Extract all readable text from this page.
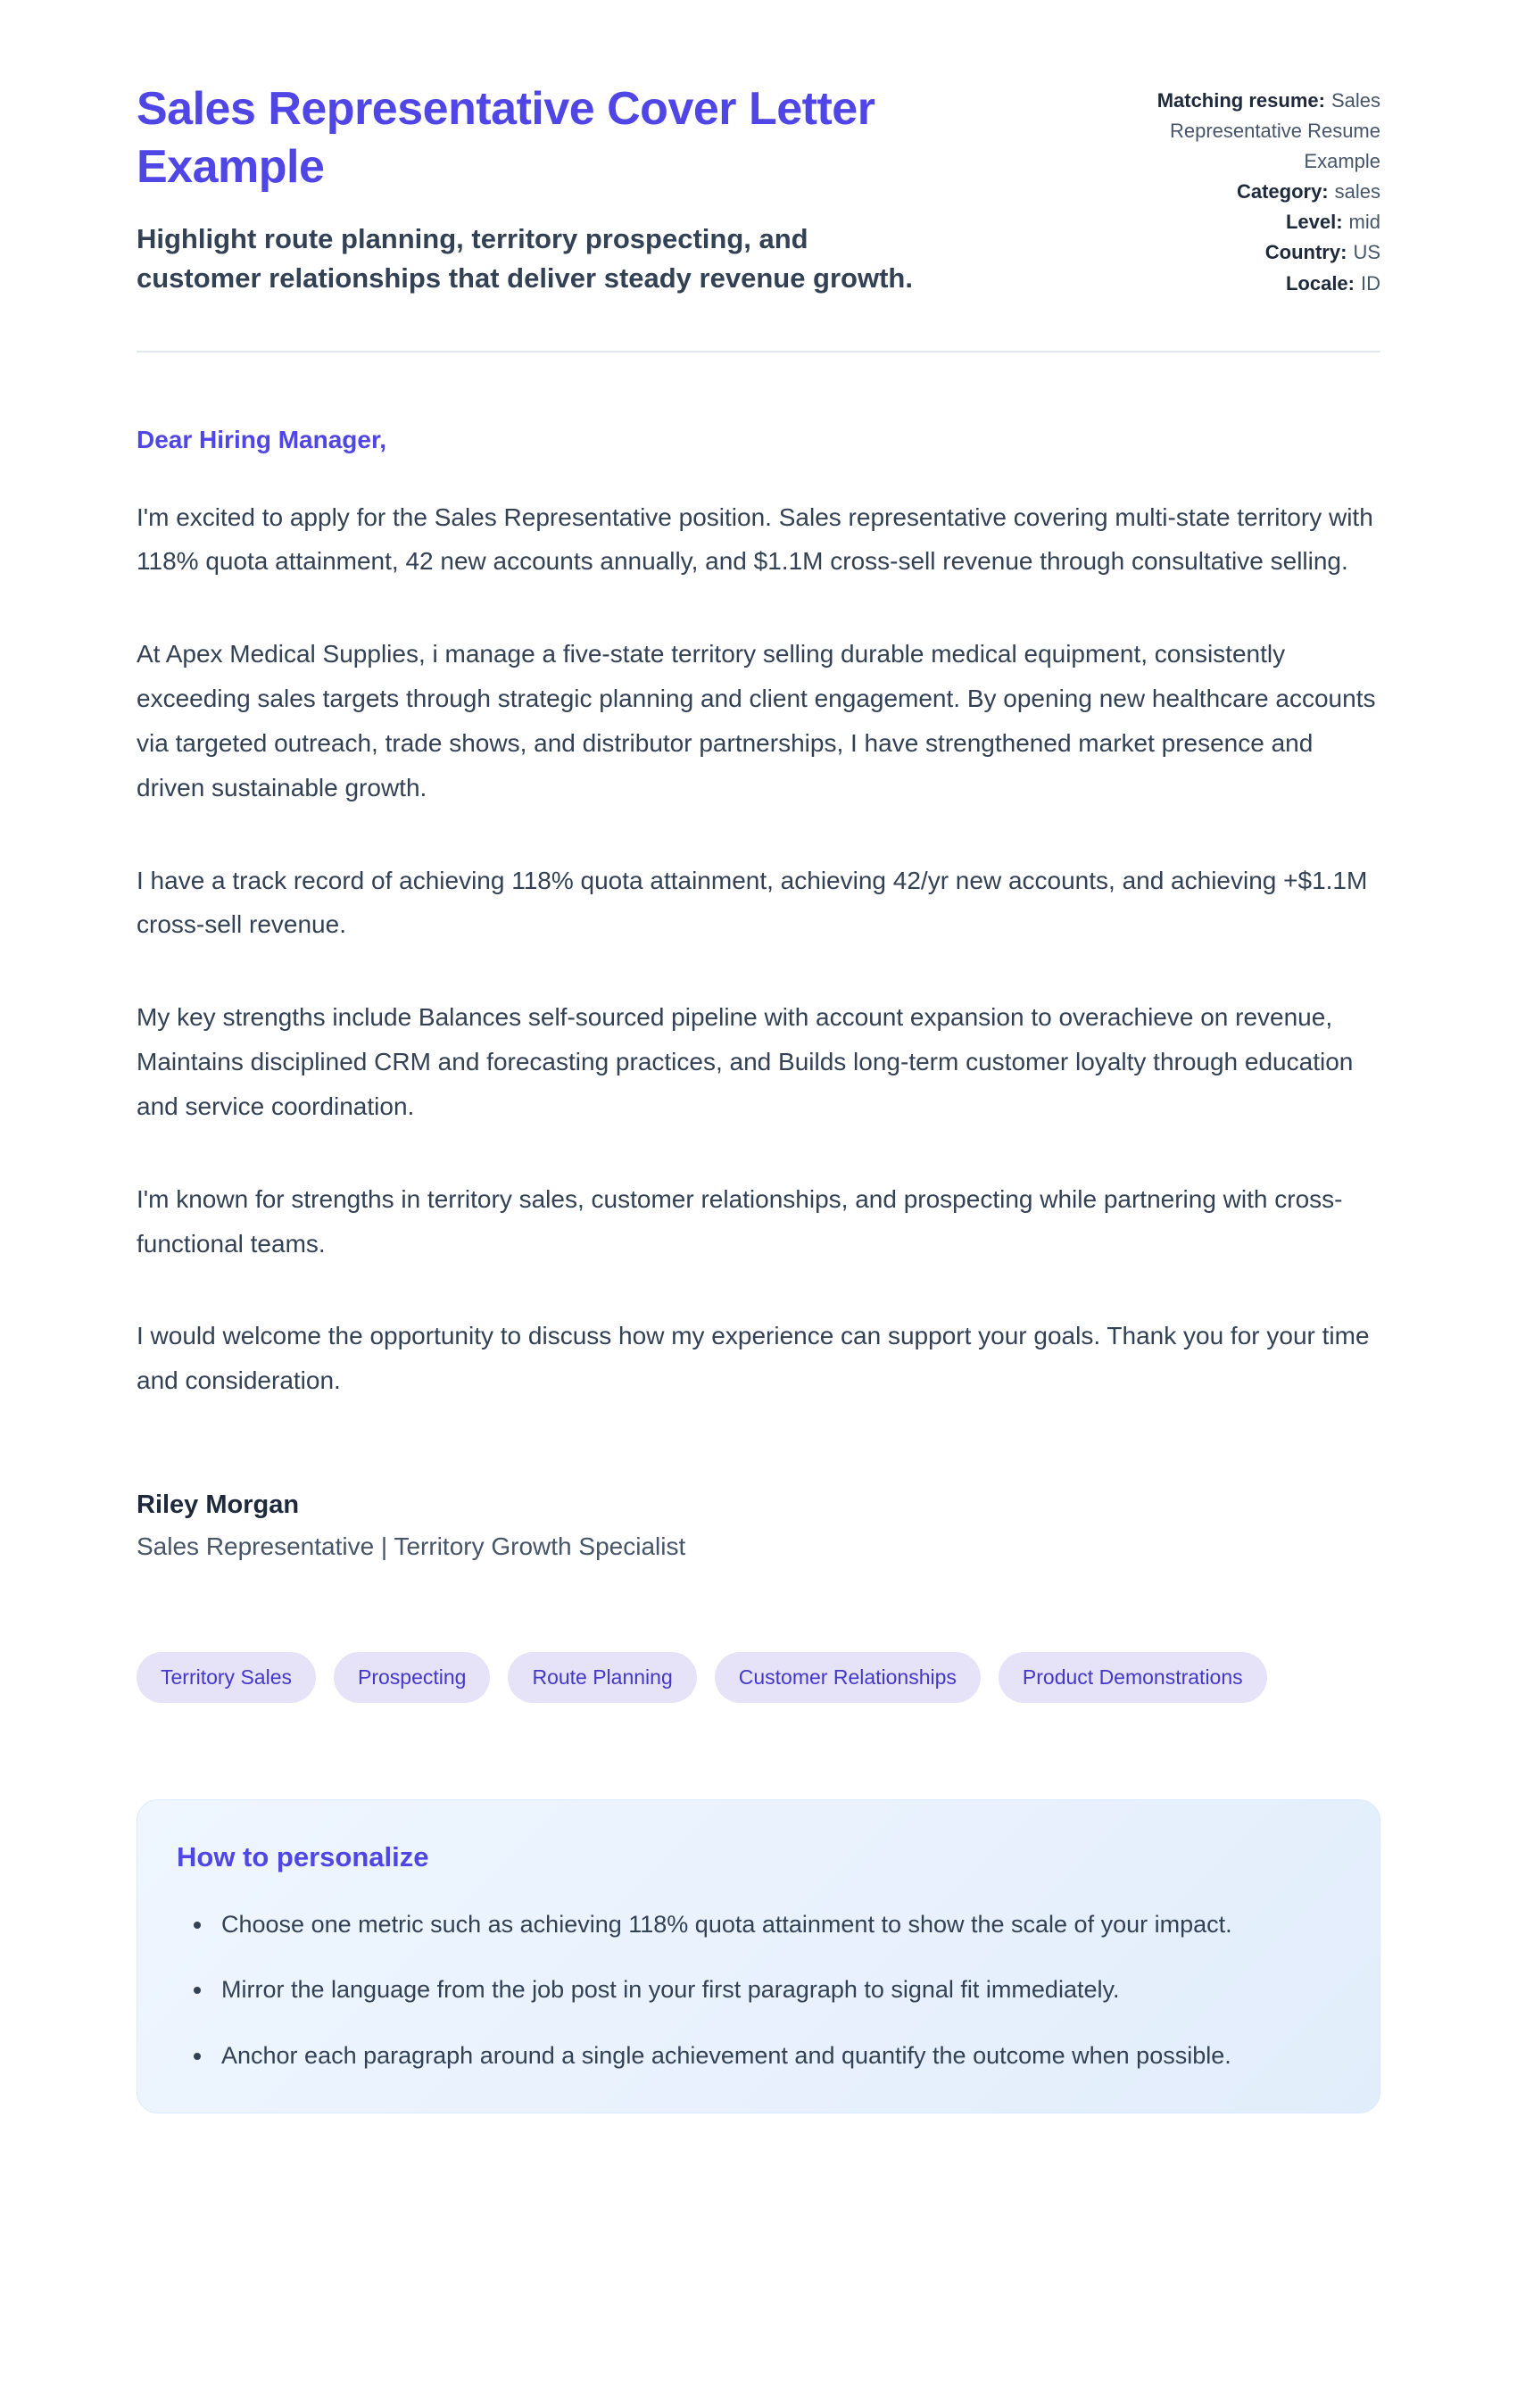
Sales Representative Cover Letter Example

Highlight route planning, territory prospecting, and customer relationships that deliver steady revenue growth.

Matching resume: Sales Representative Resume Example
Category: sales
Level: mid
Country: US
Locale: ID

Dear Hiring Manager,

I'm excited to apply for the Sales Representative position. Sales representative covering multi-state territory with 118% quota attainment, 42 new accounts annually, and $1.1M cross-sell revenue through consultative selling.

At Apex Medical Supplies, i manage a five-state territory selling durable medical equipment, consistently exceeding sales targets through strategic planning and client engagement. By opening new healthcare accounts via targeted outreach, trade shows, and distributor partnerships, I have strengthened market presence and driven sustainable growth.

I have a track record of achieving 118% quota attainment, achieving 42/yr new accounts, and achieving +$1.1M cross-sell revenue.

My key strengths include Balances self-sourced pipeline with account expansion to overachieve on revenue, Maintains disciplined CRM and forecasting practices, and Builds long-term customer loyalty through education and service coordination.

I'm known for strengths in territory sales, customer relationships, and prospecting while partnering with cross-functional teams.

I would welcome the opportunity to discuss how my experience can support your goals. Thank you for your time and consideration.

Riley Morgan

Sales Representative | Territory Growth Specialist

Territory Sales	Prospecting	Route Planning	Customer Relationships	Product Demonstrations
How to personalize
• Choose one metric such as achieving 118% quota attainment to show the scale of your impact.
• Mirror the language from the job post in your first paragraph to signal fit immediately.
• Anchor each paragraph around a single achievement and quantify the outcome when possible.
